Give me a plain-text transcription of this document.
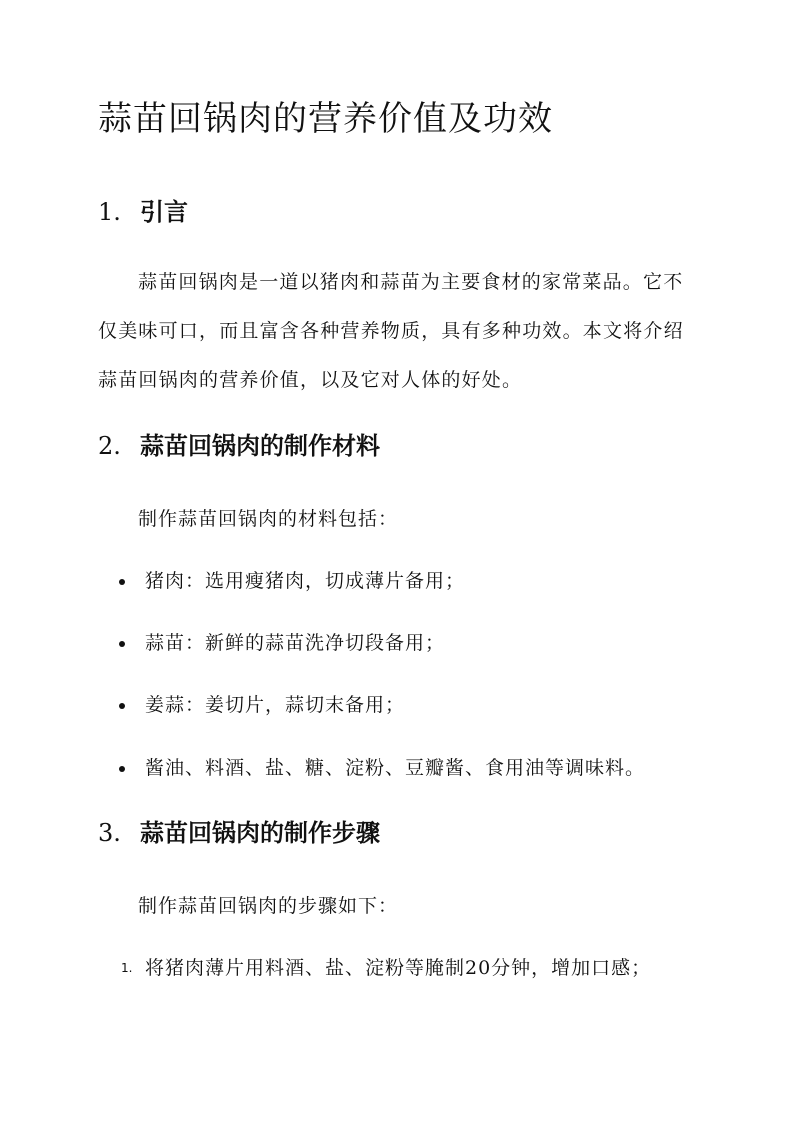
蒜苗回锅肉的营养价值及功效
1. 引言

蒜苗回锅肉是一道以猪肉和蒜苗为主要食材的家常菜品。它不仅美味可口，而且富含各种营养物质，具有多种功效。本文将介绍蒜苗回锅肉的营养价值，以及它对人体的好处。

2. 蒜苗回锅肉的制作材料

制作蒜苗回锅肉的材料包括：

猪肉：选用瘦猪肉，切成薄片备用；

蒜苗：新鲜的蒜苗洗净切段备用；

姜蒜：姜切片，蒜切末备用；

酱油、料酒、盐、糖、淀粉、豆瓣酱、食用油等调味料。

3. 蒜苗回锅肉的制作步骤

制作蒜苗回锅肉的步骤如下：

1. 将猪肉薄片用料酒、盐、淀粉等腌制20分钟，增加口感；
